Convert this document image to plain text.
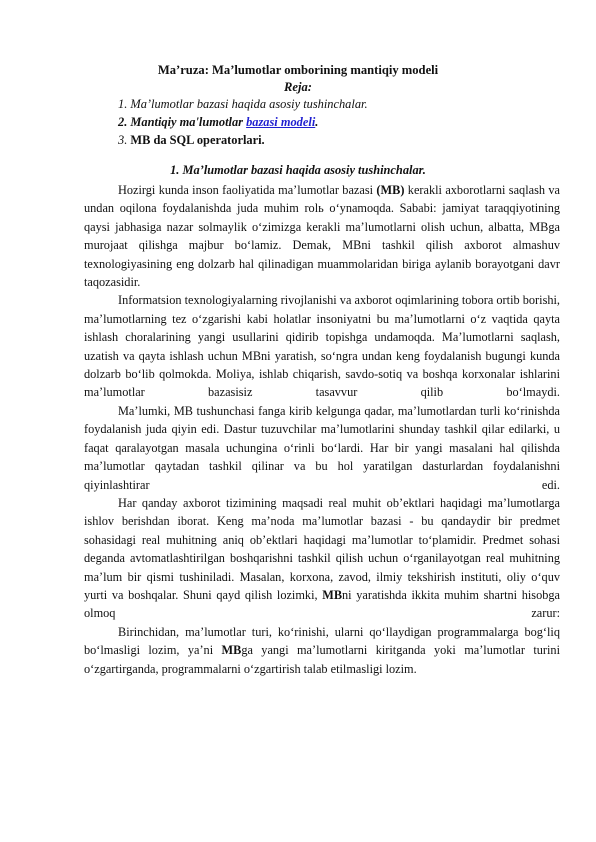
Ma’ruza: Ma’lumotlar omborining mantiqiy modeli
Reja:
1. Ma’lumotlar bazasi haqida asosiy tushinchalar.
2. Mantiqiy ma'lumotlar bazasi modeli.
3. MB da SQL operatorlari.
1. Ma’lumotlar bazasi haqida asosiy tushinchalar.

Hozirgi kunda inson faoliyatida ma’lumotlar bazasi (MB) kerakli axborotlarni saqlash va undan oqilona foydalanishda juda muhim rolь o‘ynamoqda. Sababi: jamiyat taraqqiyotining qaysi jabhasiga nazar solmaylik o‘zimizga kerakli ma’lumotlarni olish uchun, albatta, MBga murojaat qilishga majbur bo‘lamiz. Demak, MBni tashkil qilish axborot almashuv texnologiyasining eng dolzarb hal qilinadigan muammolaridan biriga aylanib borayotgani davr taqozasidir.

Informatsion texnologiyalarning rivojlanishi va axborot oqimlarining tobora ortib borishi, ma’lumotlarning tez o‘zgarishi kabi holatlar insoniyatni bu ma’lumotlarni o‘z vaqtida qayta ishlash choralarining yangi usullarini qidirib topishga undamoqda. Ma’lumotlarni saqlash, uzatish va qayta ishlash uchun MBni yaratish, so‘ngra undan keng foydalanish bugungi kunda dolzarb bo‘lib qolmokda. Moliya, ishlab chiqarish, savdo-sotiq va boshqa korxonalar ishlarini ma’lumotlar bazasisiz tasavvur qilib bo‘lmaydi.

Ma’lumki, MB tushunchasi fanga kirib kelgunga qadar, ma’lumotlardan turli ko‘rinishda foydalanish juda qiyin edi. Dastur tuzuvchilar ma’lumotlarini shunday tashkil qilar edilarki, u faqat qaralayotgan masala uchungina o‘rinli bo‘lardi. Har bir yangi masalani hal qilishda ma’lumotlar qaytadan tashkil qilinar va bu hol yaratilgan dasturlardan foydalanishni qiyinlashtirar edi.

Har qanday axborot tizimining maqsadi real muhit ob’ektlari haqidagi ma’lumotlarga ishlov berishdan iborat. Keng ma’noda ma’lumotlar bazasi - bu qandaydir bir predmet sohasidagi real muhitning aniq ob’ektlari haqidagi ma’lumotlar to‘plamidir. Predmet sohasi deganda avtomatlashtirilgan boshqarishni tashkil qilish uchun o‘rganilayotgan real muhitning ma’lum bir qismi tushiniladi. Masalan, korxona, zavod, ilmiy tekshirish instituti, oliy o‘quv yurti va boshqalar. Shuni qayd qilish lozimki, MBni yaratishda ikkita muhim shartni hisobga olmoq zarur:

Birinchidan, ma’lumotlar turi, ko‘rinishi, ularni qo‘llaydigan programmalarga bog‘liq bo‘lmasligi lozim, ya’ni MBga yangi ma’lumotlarni kiritganda yoki ma’lumotlar turini o‘zgartirganda, programmalarni o‘zgartirish talab etilmasligi lozim.
